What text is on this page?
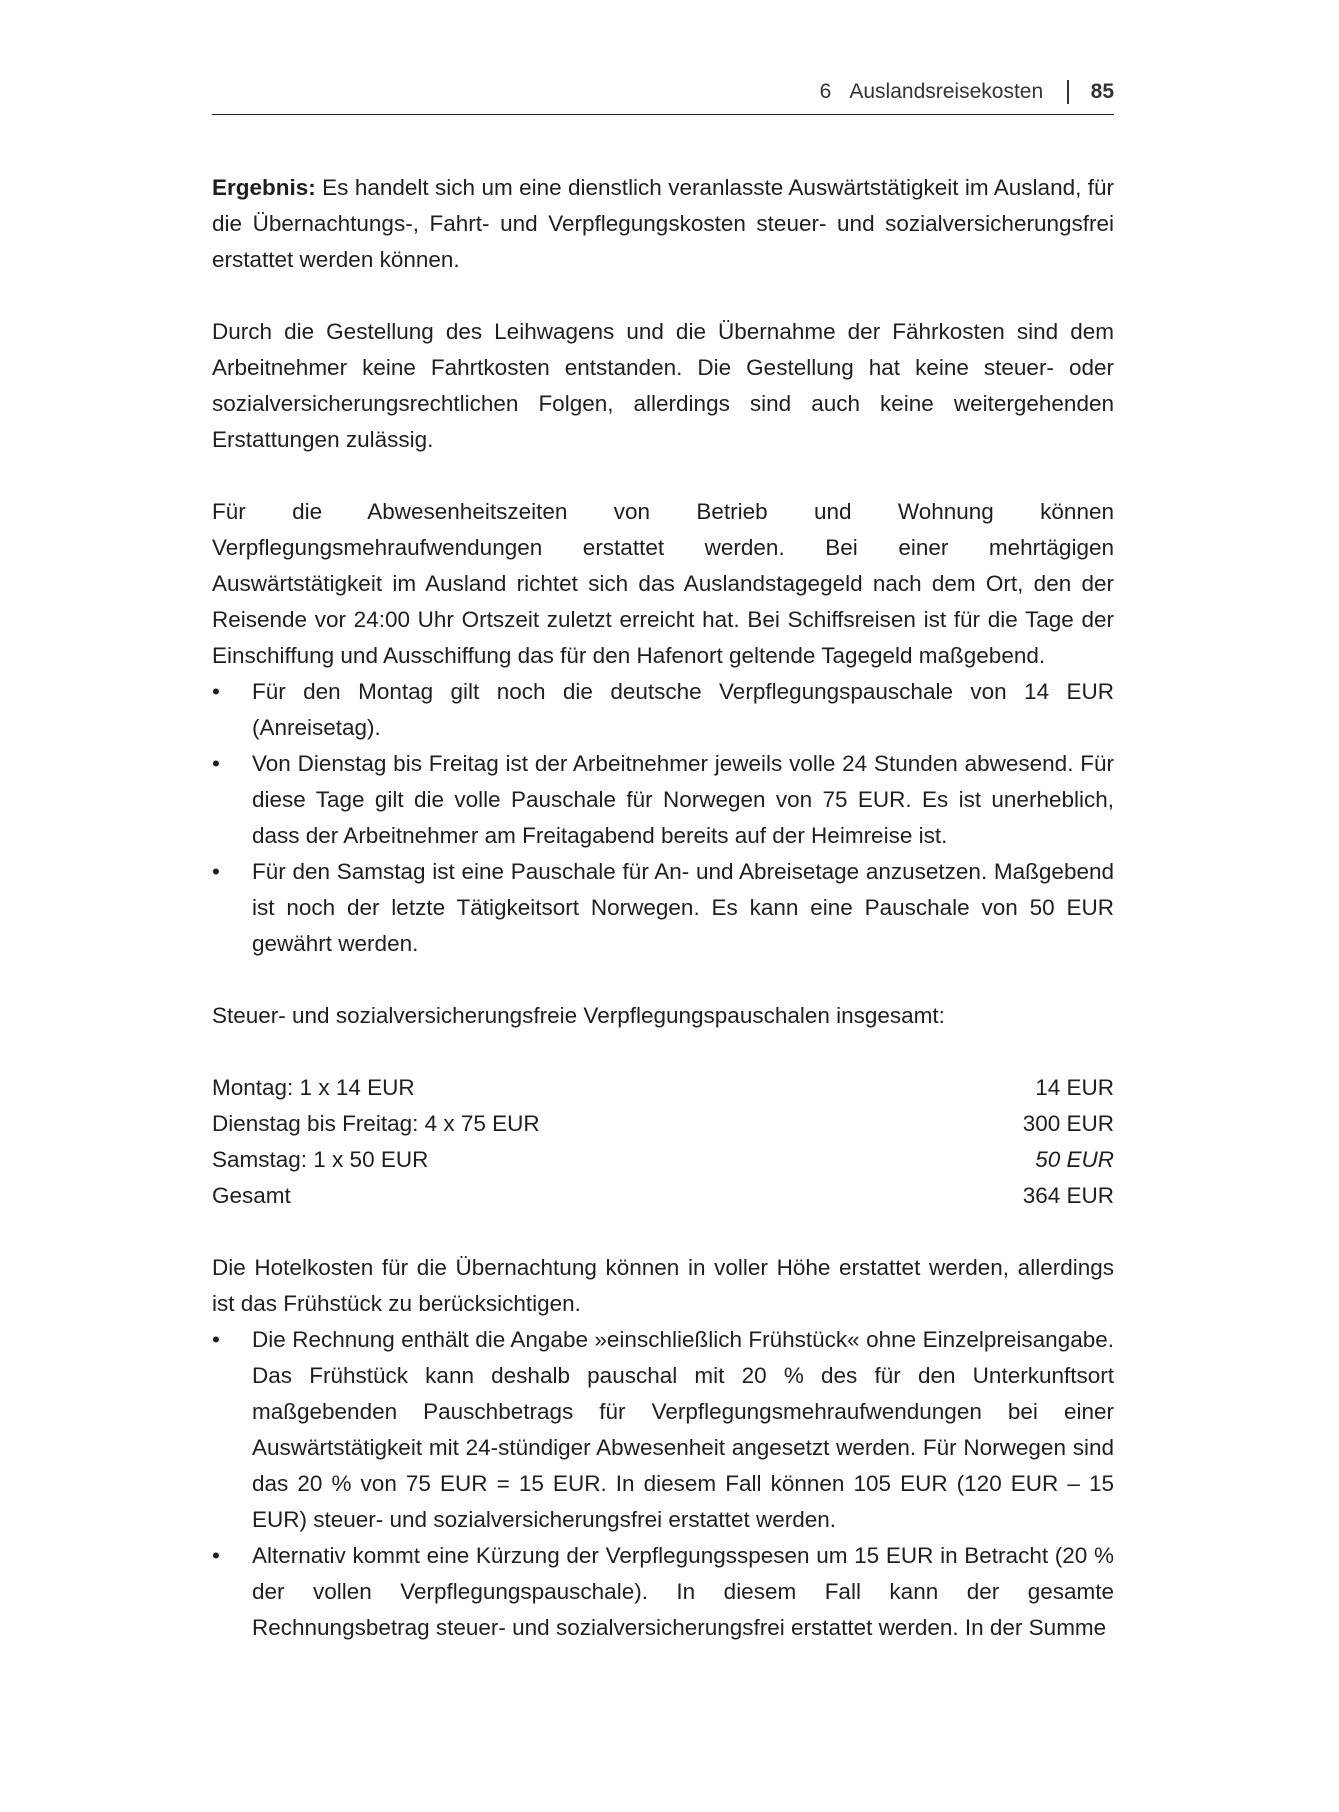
6 Auslandsreisekosten 85

Ergebnis: Es handelt sich um eine dienstlich veranlasste Auswärtstätigkeit im Ausland, für die Übernachtungs-, Fahrt- und Verpflegungskosten steuer- und sozialversicherungsfrei erstattet werden können.

Durch die Gestellung des Leihwagens und die Übernahme der Fährkosten sind dem Arbeitnehmer keine Fahrtkosten entstanden. Die Gestellung hat keine steuer- oder sozialversicherungsrechtlichen Folgen, allerdings sind auch keine weitergehenden Erstattungen zulässig.

Für die Abwesenheitszeiten von Betrieb und Wohnung können Verpflegungsmehraufwendungen erstattet werden. Bei einer mehrtägigen Auswärtstätigkeit im Ausland richtet sich das Auslandstagegeld nach dem Ort, den der Reisende vor 24:00 Uhr Ortszeit zuletzt erreicht hat. Bei Schiffsreisen ist für die Tage der Einschiffung und Ausschiffung das für den Hafenort geltende Tagegeld maßgebend.

• Für den Montag gilt noch die deutsche Verpflegungspauschale von 14 EUR (Anreisetag).
• Von Dienstag bis Freitag ist der Arbeitnehmer jeweils volle 24 Stunden abwesend. Für diese Tage gilt die volle Pauschale für Norwegen von 75 EUR. Es ist unerheblich, dass der Arbeitnehmer am Freitagabend bereits auf der Heimreise ist.
• Für den Samstag ist eine Pauschale für An- und Abreisetage anzusetzen. Maßgebend ist noch der letzte Tätigkeitsort Norwegen. Es kann eine Pauschale von 50 EUR gewährt werden.

Steuer- und sozialversicherungsfreie Verpflegungspauschalen insgesamt:

Montag: 1 x 14 EUR	14 EUR
Dienstag bis Freitag: 4 x 75 EUR	300 EUR
Samstag: 1 x 50 EUR	50 EUR
Gesamt	364 EUR

Die Hotelkosten für die Übernachtung können in voller Höhe erstattet werden, allerdings ist das Frühstück zu berücksichtigen.

• Die Rechnung enthält die Angabe »einschließlich Frühstück« ohne Einzelpreisangabe. Das Frühstück kann deshalb pauschal mit 20 % des für den Unterkunftsort maßgebenden Pauschbetrags für Verpflegungsmehraufwendungen bei einer Auswärtstätigkeit mit 24-stündiger Abwesenheit angesetzt werden. Für Norwegen sind das 20 % von 75 EUR = 15 EUR. In diesem Fall können 105 EUR (120 EUR – 15 EUR) steuer- und sozialversicherungsfrei erstattet werden.
• Alternativ kommt eine Kürzung der Verpflegungsspesen um 15 EUR in Betracht (20 % der vollen Verpflegungspauschale). In diesem Fall kann der gesamte Rechnungsbetrag steuer- und sozialversicherungsfrei erstattet werden. In der Summe
